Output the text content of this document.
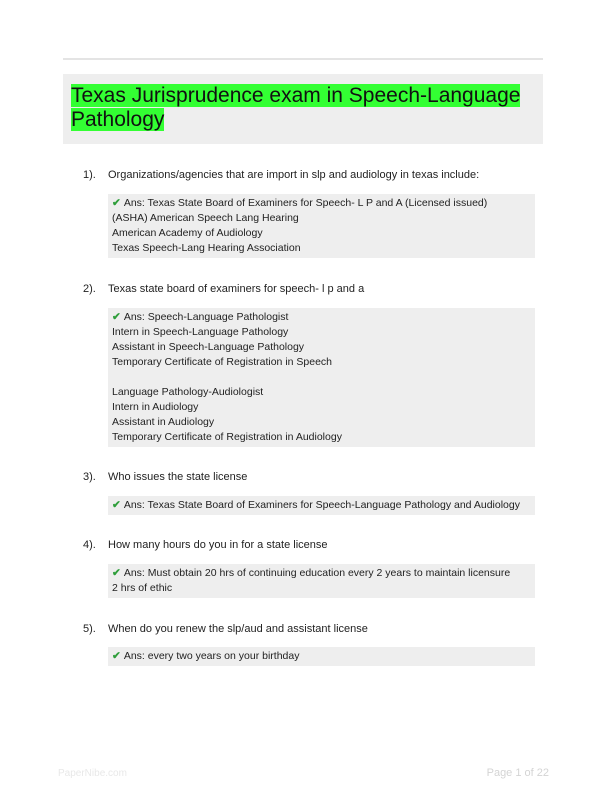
Texas Jurisprudence exam in Speech-Language Pathology
1). Organizations/agencies that are import in slp and audiology in texas include:
✔ Ans: Texas State Board of Examiners for Speech- L P and A (Licensed issued)
(ASHA) American Speech Lang Hearing
American Academy of Audiology
Texas Speech-Lang Hearing Association
2). Texas state board of examiners for speech- l p and a
✔ Ans: Speech-Language Pathologist
Intern in Speech-Language Pathology
Assistant in Speech-Language Pathology
Temporary Certificate of Registration in Speech

Language Pathology-Audiologist
Intern in Audiology
Assistant in Audiology
Temporary Certificate of Registration in Audiology
3). Who issues the state license
✔ Ans: Texas State Board of Examiners for Speech-Language Pathology and Audiology
4). How many hours do you in for a state license
✔ Ans: Must obtain 20 hrs of continuing education every 2 years to maintain licensure
2 hrs of ethic
5). When do you renew the slp/aud and assistant license
✔ Ans: every two years on your birthday
PaperNibe.com	Page 1 of 22
